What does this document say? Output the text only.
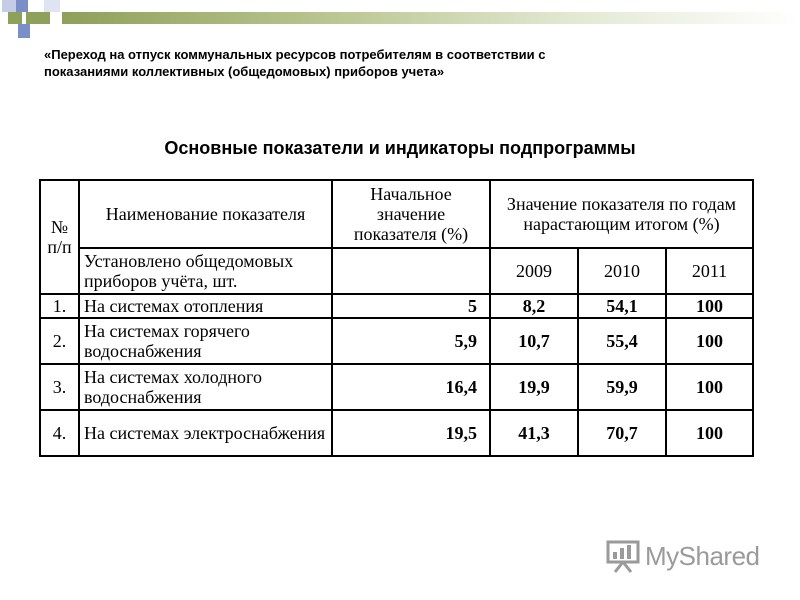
«Переход на отпуск коммунальных ресурсов потребителям в соответствии с
показаниями коллективных (общедомовых) приборов учета»
Основные показатели и индикаторы подпрограммы
№ п/п	Наименование показателя	Начальное значение показателя (%)	Значение показателя по годам нарастающим итогом (%)		
	Установлено общедомовых приборов учёта, шт.		2009	2010	2011
1.	На системах отопления	5	8,2	54,1	100
2.	На системах горячего водоснабжения	5,9	10,7	55,4	100
3.	На системах холодного водоснабжения	16,4	19,9	59,9	100
4.	На системах электроснабжения	19,5	41,3	70,7	100
MyShared
